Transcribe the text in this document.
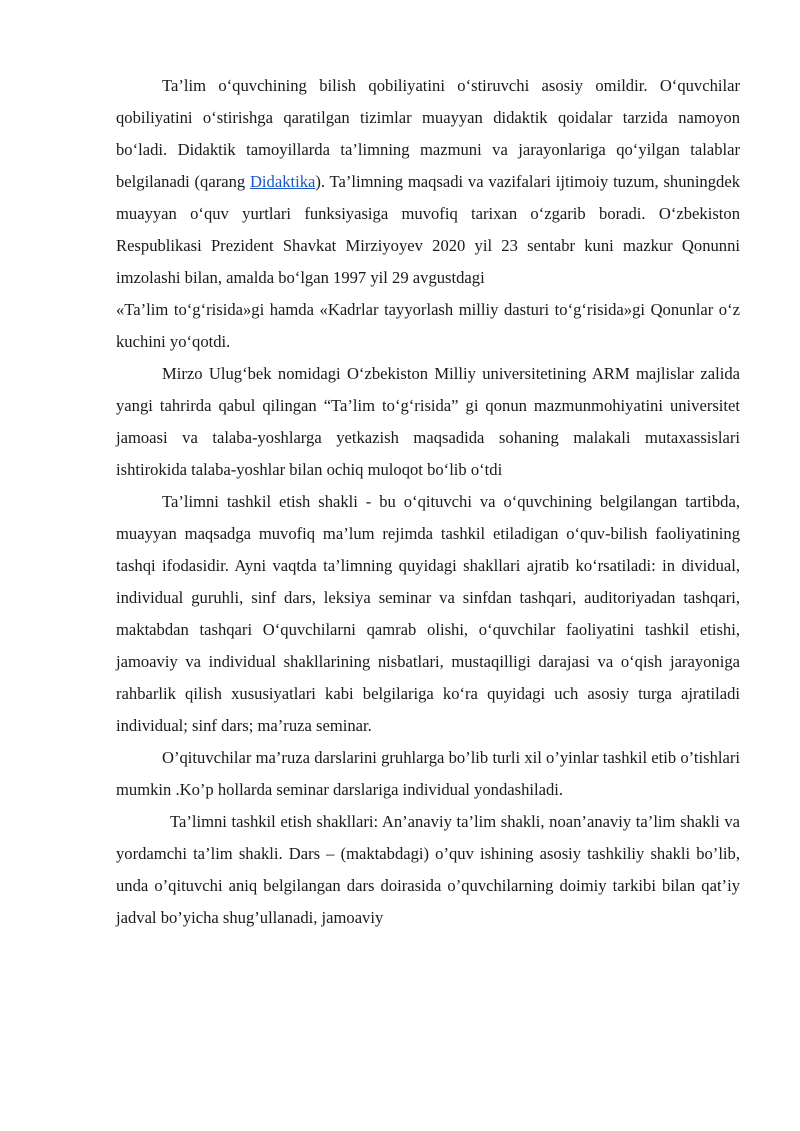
Ta’lim o‘quvchining bilish qobiliyatini o‘stiruvchi asosiy omildir. O‘quvchilar qobiliyatini o‘stirishga qaratilgan tizimlar muayyan didaktik qoidalar tarzida namoyon bo‘ladi. Didaktik tamoyillarda ta’limning mazmuni va jarayonlariga qo‘yilgan talablar belgilanadi (qarang Didaktika). Ta’limning maqsadi va vazifalari ijtimoiy tuzum, shuningdek muayyan o‘quv yurtlari funksiyasiga muvofiq tarixan o‘zgarib boradi. O‘zbekiston Respublikasi Prezident Shavkat Mirziyoyev 2020 yil 23 sentabr kuni mazkur Qonunni imzolashi bilan, amalda bo‘lgan 1997 yil 29 avgustdagi

«Ta’lim to‘g‘risida»gi hamda «Kadrlar tayyorlash milliy dasturi to‘g‘risida»gi Qonunlar o‘z kuchini yo‘qotdi.

Mirzo Ulug‘bek nomidagi O‘zbekiston Milliy universitetining ARM majlislar zalida yangi tahrirda qabul qilingan “Ta’lim to‘g‘risida” gi qonun mazmunmohiyatini universitet jamoasi va talaba-yoshlarga yetkazish maqsadida sohaning malakali mutaxassislari ishtirokida talaba-yoshlar bilan ochiq muloqot bo‘lib o‘tdi

Ta’limni tashkil etish shakli - bu o‘qituvchi va o‘quvchining belgilangan tartibda, muayyan maqsadga muvofiq ma’lum rejimda tashkil etiladigan o‘quv-bilish faoliyatining tashqi ifodasidir. Ayni vaqtda ta’limning quyidagi shakllari ajratib ko‘rsatiladi: in dividual, individual guruhli, sinf dars, leksiya seminar va sinfdan tashqari, auditoriyadan tashqari, maktabdan tashqari O‘quvchilarni qamrab olishi, o‘quvchilar faoliyatini tashkil etishi, jamoaviy va individual shakllarining nisbatlari, mustaqilligi darajasi va o‘qish jarayoniga rahbarlik qilish xususiyatlari kabi belgilariga ko‘ra quyidagi uch asosiy turga ajratiladi individual; sinf dars; ma’ruza seminar.

O’qituvchilar ma’ruza darslarini gruhlarga bo’lib turli xil o’yinlar tashkil etib o’tishlari mumkin .Ko’p hollarda seminar darslariga individual yondashiladi.

Ta’limni tashkil etish shakllari: An’anaviy ta’lim shakli, noan’anaviy ta’lim shakli va yordamchi ta’lim shakli. Dars – (maktabdagi) o’quv ishining asosiy tashkiliy shakli bo’lib, unda o’qituvchi aniq belgilangan dars doirasida o’quvchilarning doimiy tarkibi bilan qat’iy jadval bo’yicha shug’ullanadi, jamoaviy
